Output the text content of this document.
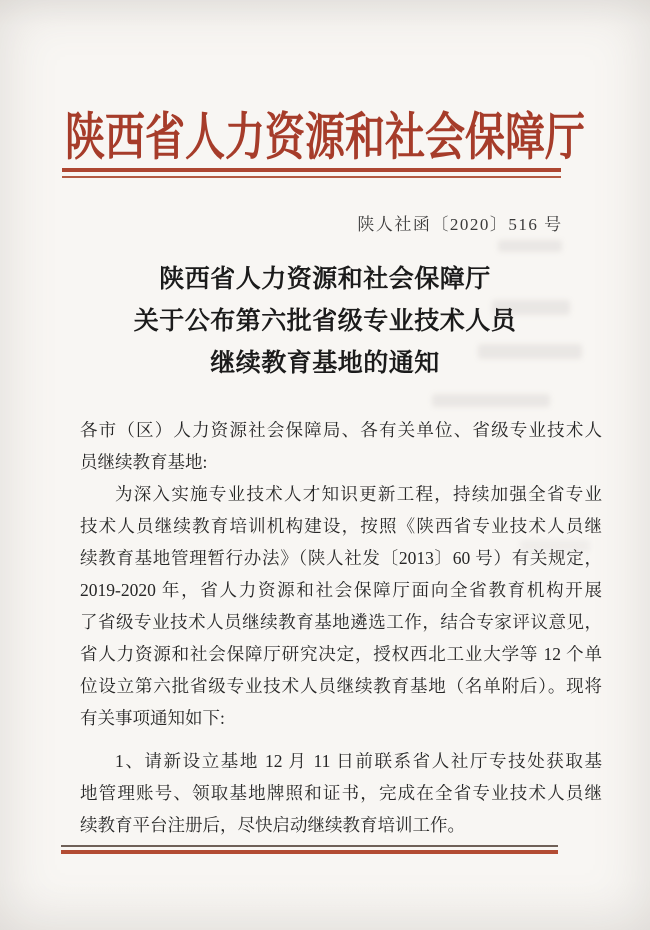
陕西省人力资源和社会保障厅
陕人社函〔2020〕516 号
陕西省人力资源和社会保障厅
关于公布第六批省级专业技术人员
继续教育基地的通知
各市（区）人力资源社会保障局、各有关单位、省级专业技术人
员继续教育基地:
为深入实施专业技术人才知识更新工程，持续加强全省专业
技术人员继续教育培训机构建设，按照《陕西省专业技术人员继
续教育基地管理暂行办法》（陕人社发〔2013〕60 号）有关规定，
2019-2020 年，省人力资源和社会保障厅面向全省教育机构开展
了省级专业技术人员继续教育基地遴选工作，结合专家评议意见，
省人力资源和社会保障厅研究决定，授权西北工业大学等 12 个单
位设立第六批省级专业技术人员继续教育基地（名单附后）。现将
有关事项通知如下:
1、请新设立基地 12 月 11 日前联系省人社厅专技处获取基
地管理账号、领取基地牌照和证书，完成在全省专业技术人员继
续教育平台注册后，尽快启动继续教育培训工作。
